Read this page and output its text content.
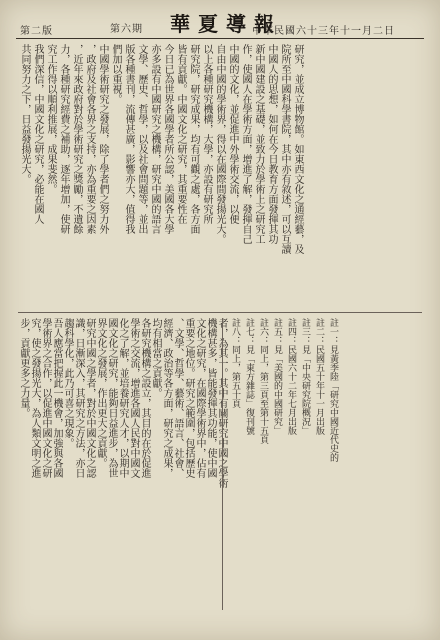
第二版	第六期 華夏導報
中華民國六十三年十一月二日
研究，並成立博物館。如東西文化之通經藝，及
院所至中國科學書院，其中亦有敘述，可以互讀
中國人的思想，如何在今日教育方面發揮其功
新中國建設之基礎，並致力於學術上之研究工
作，使國人在學術方面，增進了解，發揮自己
中國的文化，並促進中外學術交流，以便
自由中國的學術界，得以在國際間發揚光大。
以上各種研究機構，大學，亦設有研究所
研究院，研究成果，均有可觀之處，各方面
皆有貢獻。中國文化之研究，其重要性在
今日已為世界各國學者所公認，美國各大學
亦多設有中國研究之機構，研究中國的語言
文學、歷史、哲學，以及社會問題等，並出
版各種書刊，流傳甚廣，影響亦大，值得我
們加以重視。
中國學術研究之發展，除了學者們之努力外
，政府及社會各界之支持，亦為重要之因素
，近年來政府對於學術研究之獎勵，不遺餘
力，各種研究經費之補助，逐年增加，使研
究工作得以順利推展，成果斐然。
我們深信，中國文化之研究，必能在國人
共同努力之下，日益發揚光大。
機構甚多，皆能發揮其功能，使中國
文化之研究，在國際學術界中，佔有
重要之地位。研究之範圍，包括歷史
、文學、哲學、藝術、語言、社會、
經濟、政治等各方面，研究之成果，
均有相當之貢獻。
各研究機構之設立，其目的在於促進
學術之交流，增進各國人民對中國文
化之了解，並培養研究人才，以期中
國文化之研究，能夠日益進步，為世
界文化之發展，作出更大之貢獻。
研究中國之學者，對於中國文化之認
識，日漸深入，其研究之方法，亦日
趨科學化，此乃可喜之現象。
吾人應當把握此一機會，加強與各國
學術界之合作，以促進中國文化之研
究，使之發揚光大，為人類文明之進
步，貢獻更多之力量。	註一：見黃季陸「研究中國近代史的
註二：民國五十年十一月出版
註三：見「中央研究院概況」
註四：民國六十二年七月出版
註五：見「美國的中國研究」
註六：同上，第三頁至第十五頁
註七：見「東方雜誌」復刊號
註八：同上，第五十頁
